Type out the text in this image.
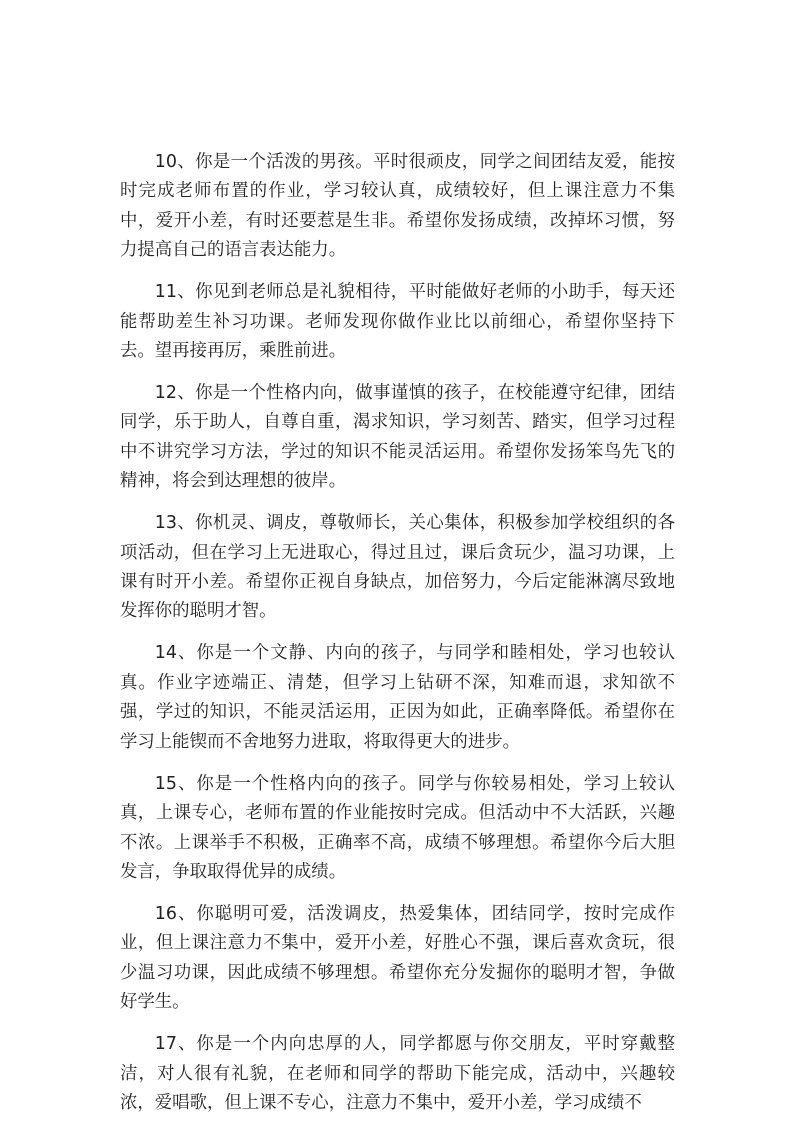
10、你是一个活泼的男孩。平时很顽皮，同学之间团结友爱，能按时完成老师布置的作业，学习较认真，成绩较好，但上课注意力不集中，爱开小差，有时还要惹是生非。希望你发扬成绩，改掉坏习惯，努力提高自己的语言表达能力。

11、你见到老师总是礼貌相待，平时能做好老师的小助手，每天还能帮助差生补习功课。老师发现你做作业比以前细心，希望你坚持下去。望再接再厉，乘胜前进。

12、你是一个性格内向，做事谨慎的孩子，在校能遵守纪律，团结同学，乐于助人，自尊自重，渴求知识，学习刻苦、踏实，但学习过程中不讲究学习方法，学过的知识不能灵活运用。希望你发扬笨鸟先飞的精神，将会到达理想的彼岸。

13、你机灵、调皮，尊敬师长，关心集体，积极参加学校组织的各项活动，但在学习上无进取心，得过且过，课后贪玩少，温习功课，上课有时开小差。希望你正视自身缺点，加倍努力，今后定能淋漓尽致地发挥你的聪明才智。

14、你是一个文静、内向的孩子，与同学和睦相处，学习也较认真。作业字迹端正、清楚，但学习上钻研不深，知难而退，求知欲不强，学过的知识，不能灵活运用，正因为如此，正确率降低。希望你在学习上能锲而不舍地努力进取，将取得更大的进步。

15、你是一个性格内向的孩子。同学与你较易相处，学习上较认真，上课专心，老师布置的作业能按时完成。但活动中不大活跃，兴趣不浓。上课举手不积极，正确率不高，成绩不够理想。希望你今后大胆发言，争取取得优异的成绩。

16、你聪明可爱，活泼调皮，热爱集体，团结同学，按时完成作业，但上课注意力不集中，爱开小差，好胜心不强，课后喜欢贪玩，很少温习功课，因此成绩不够理想。希望你充分发掘你的聪明才智，争做好学生。

17、你是一个内向忠厚的人，同学都愿与你交朋友，平时穿戴整洁，对人很有礼貌，在老师和同学的帮助下能完成，活动中，兴趣较浓，爱唱歌，但上课不专心，注意力不集中，爱开小差，学习成绩不
